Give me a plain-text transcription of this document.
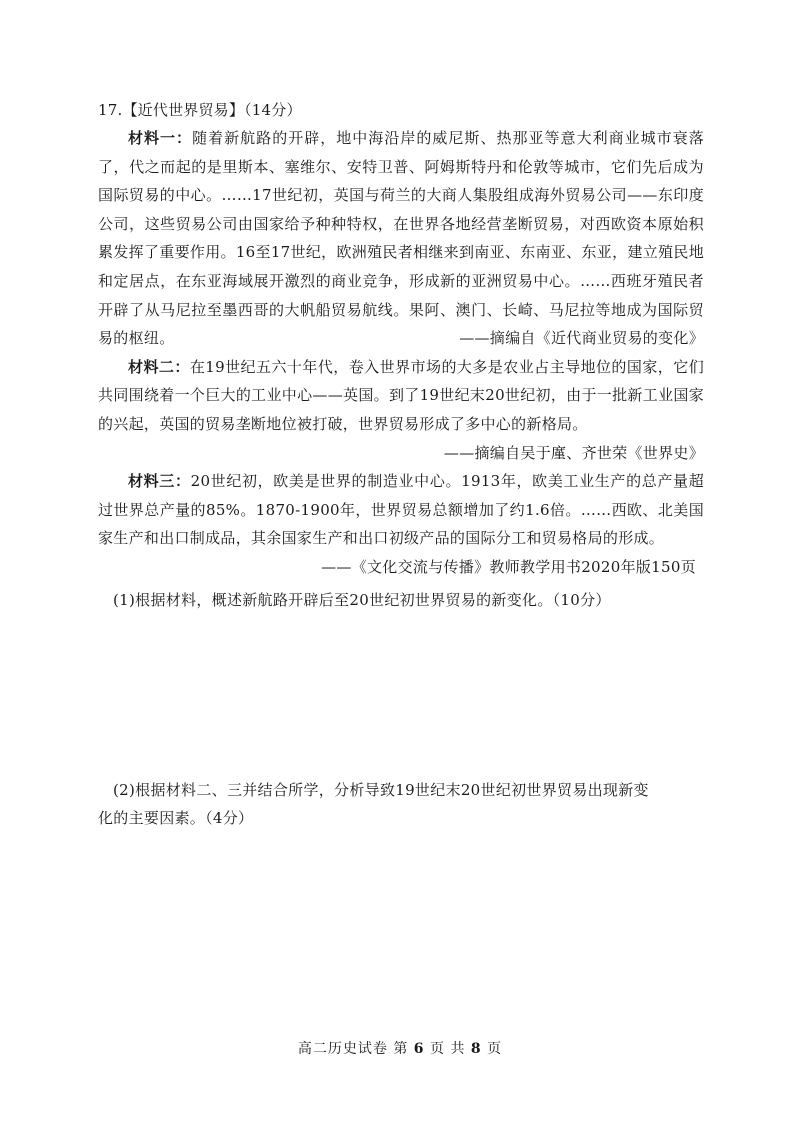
17.【近代世界贸易】（14分）

材料一：随着新航路的开辟，地中海沿岸的威尼斯、热那亚等意大利商业城市衰落了，代之而起的是里斯本、塞维尔、安特卫普、阿姆斯特丹和伦敦等城市，它们先后成为国际贸易的中心。……17世纪初，英国与荷兰的大商人集股组成海外贸易公司——东印度公司，这些贸易公司由国家给予种种特权，在世界各地经营垄断贸易，对西欧资本原始积累发挥了重要作用。16至17世纪，欧洲殖民者相继来到南亚、东南亚、东亚，建立殖民地和定居点，在东亚海域展开激烈的商业竞争，形成新的亚洲贸易中心。……西班牙殖民者开辟了从马尼拉至墨西哥的大帆船贸易航线。果阿、澳门、长崎、马尼拉等地成为国际贸易的枢纽。	——摘编自《近代商业贸易的变化》

材料二：在19世纪五六十年代，卷入世界市场的大多是农业占主导地位的国家，它们共同围绕着一个巨大的工业中心——英国。到了19世纪末20世纪初，由于一批新工业国家的兴起，英国的贸易垄断地位被打破，世界贸易形成了多中心的新格局。

——摘编自吴于廑、齐世荣《世界史》

材料三：20世纪初，欧美是世界的制造业中心。1913年，欧美工业生产的总产量超过世界总产量的85%。1870-1900年，世界贸易总额增加了约1.6倍。……西欧、北美国家生产和出口制成品，其余国家生产和出口初级产品的国际分工和贸易格局的形成。

——《文化交流与传播》教师教学用书2020年版150页

(1)根据材料，概述新航路开辟后至20世纪初世界贸易的新变化。（10分）

(2)根据材料二、三并结合所学，分析导致19世纪末20世纪初世界贸易出现新变
化的主要因素。（4分）

高二历史试卷 第 6 页 共 8 页
